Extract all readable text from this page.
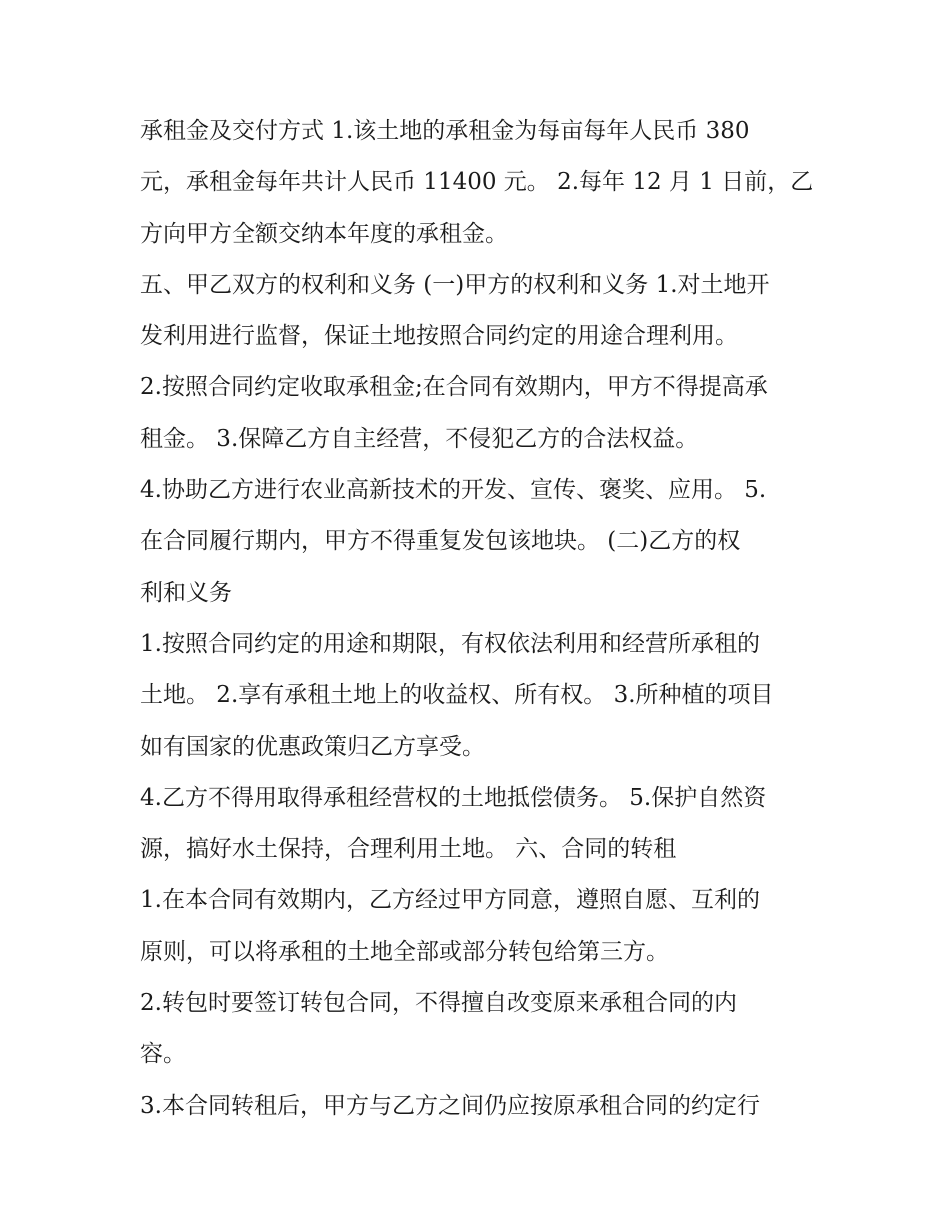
承租金及交付方式 1.该土地的承租金为每亩每年人民币 380
元，承租金每年共计人民币 11400 元。 2.每年 12 月 1 日前，乙
方向甲方全额交纳本年度的承租金。
五、甲乙双方的权利和义务 (一)甲方的权利和义务 1.对土地开
发利用进行监督，保证土地按照合同约定的用途合理利用。
2.按照合同约定收取承租金;在合同有效期内，甲方不得提高承
租金。 3.保障乙方自主经营，不侵犯乙方的合法权益。
4.协助乙方进行农业高新技术的开发、宣传、褒奖、应用。 5.
在合同履行期内，甲方不得重复发包该地块。 (二)乙方的权
利和义务
1.按照合同约定的用途和期限，有权依法利用和经营所承租的
土地。 2.享有承租土地上的收益权、所有权。 3.所种植的项目
如有国家的优惠政策归乙方享受。
4.乙方不得用取得承租经营权的土地抵偿债务。 5.保护自然资
源，搞好水土保持，合理利用土地。 六、合同的转租
1.在本合同有效期内，乙方经过甲方同意，遵照自愿、互利的
原则，可以将承租的土地全部或部分转包给第三方。
2.转包时要签订转包合同，不得擅自改变原来承租合同的内
容。
3.本合同转租后，甲方与乙方之间仍应按原承租合同的约定行
